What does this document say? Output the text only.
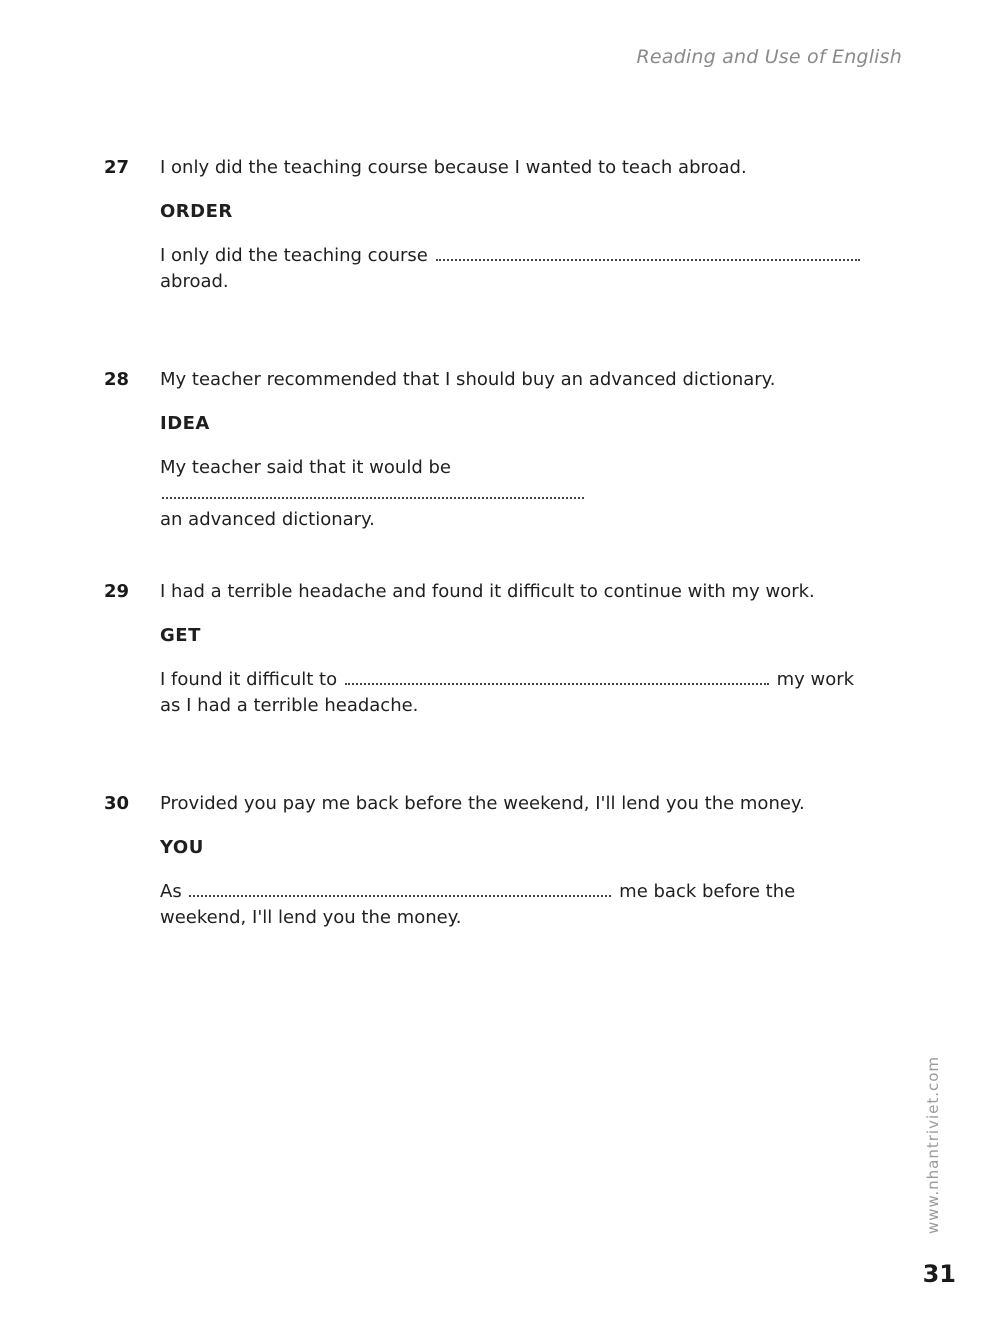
Reading and Use of English
27 I only did the teaching course because I wanted to teach abroad.

ORDER
I only did the teaching course
abroad.
28 My teacher recommended that I should buy an advanced dictionary.

IDEA
My teacher said that it would be
an advanced dictionary.
29 I had a terrible headache and found it difficult to continue with my work.

GET
I found it difficult to	my work
as I had a terrible headache.
30 Provided you pay me back before the weekend, I'll lend you the money.

YOU
As	me back before the
weekend, I'll lend you the money.
www.nhantriviet.com
31
